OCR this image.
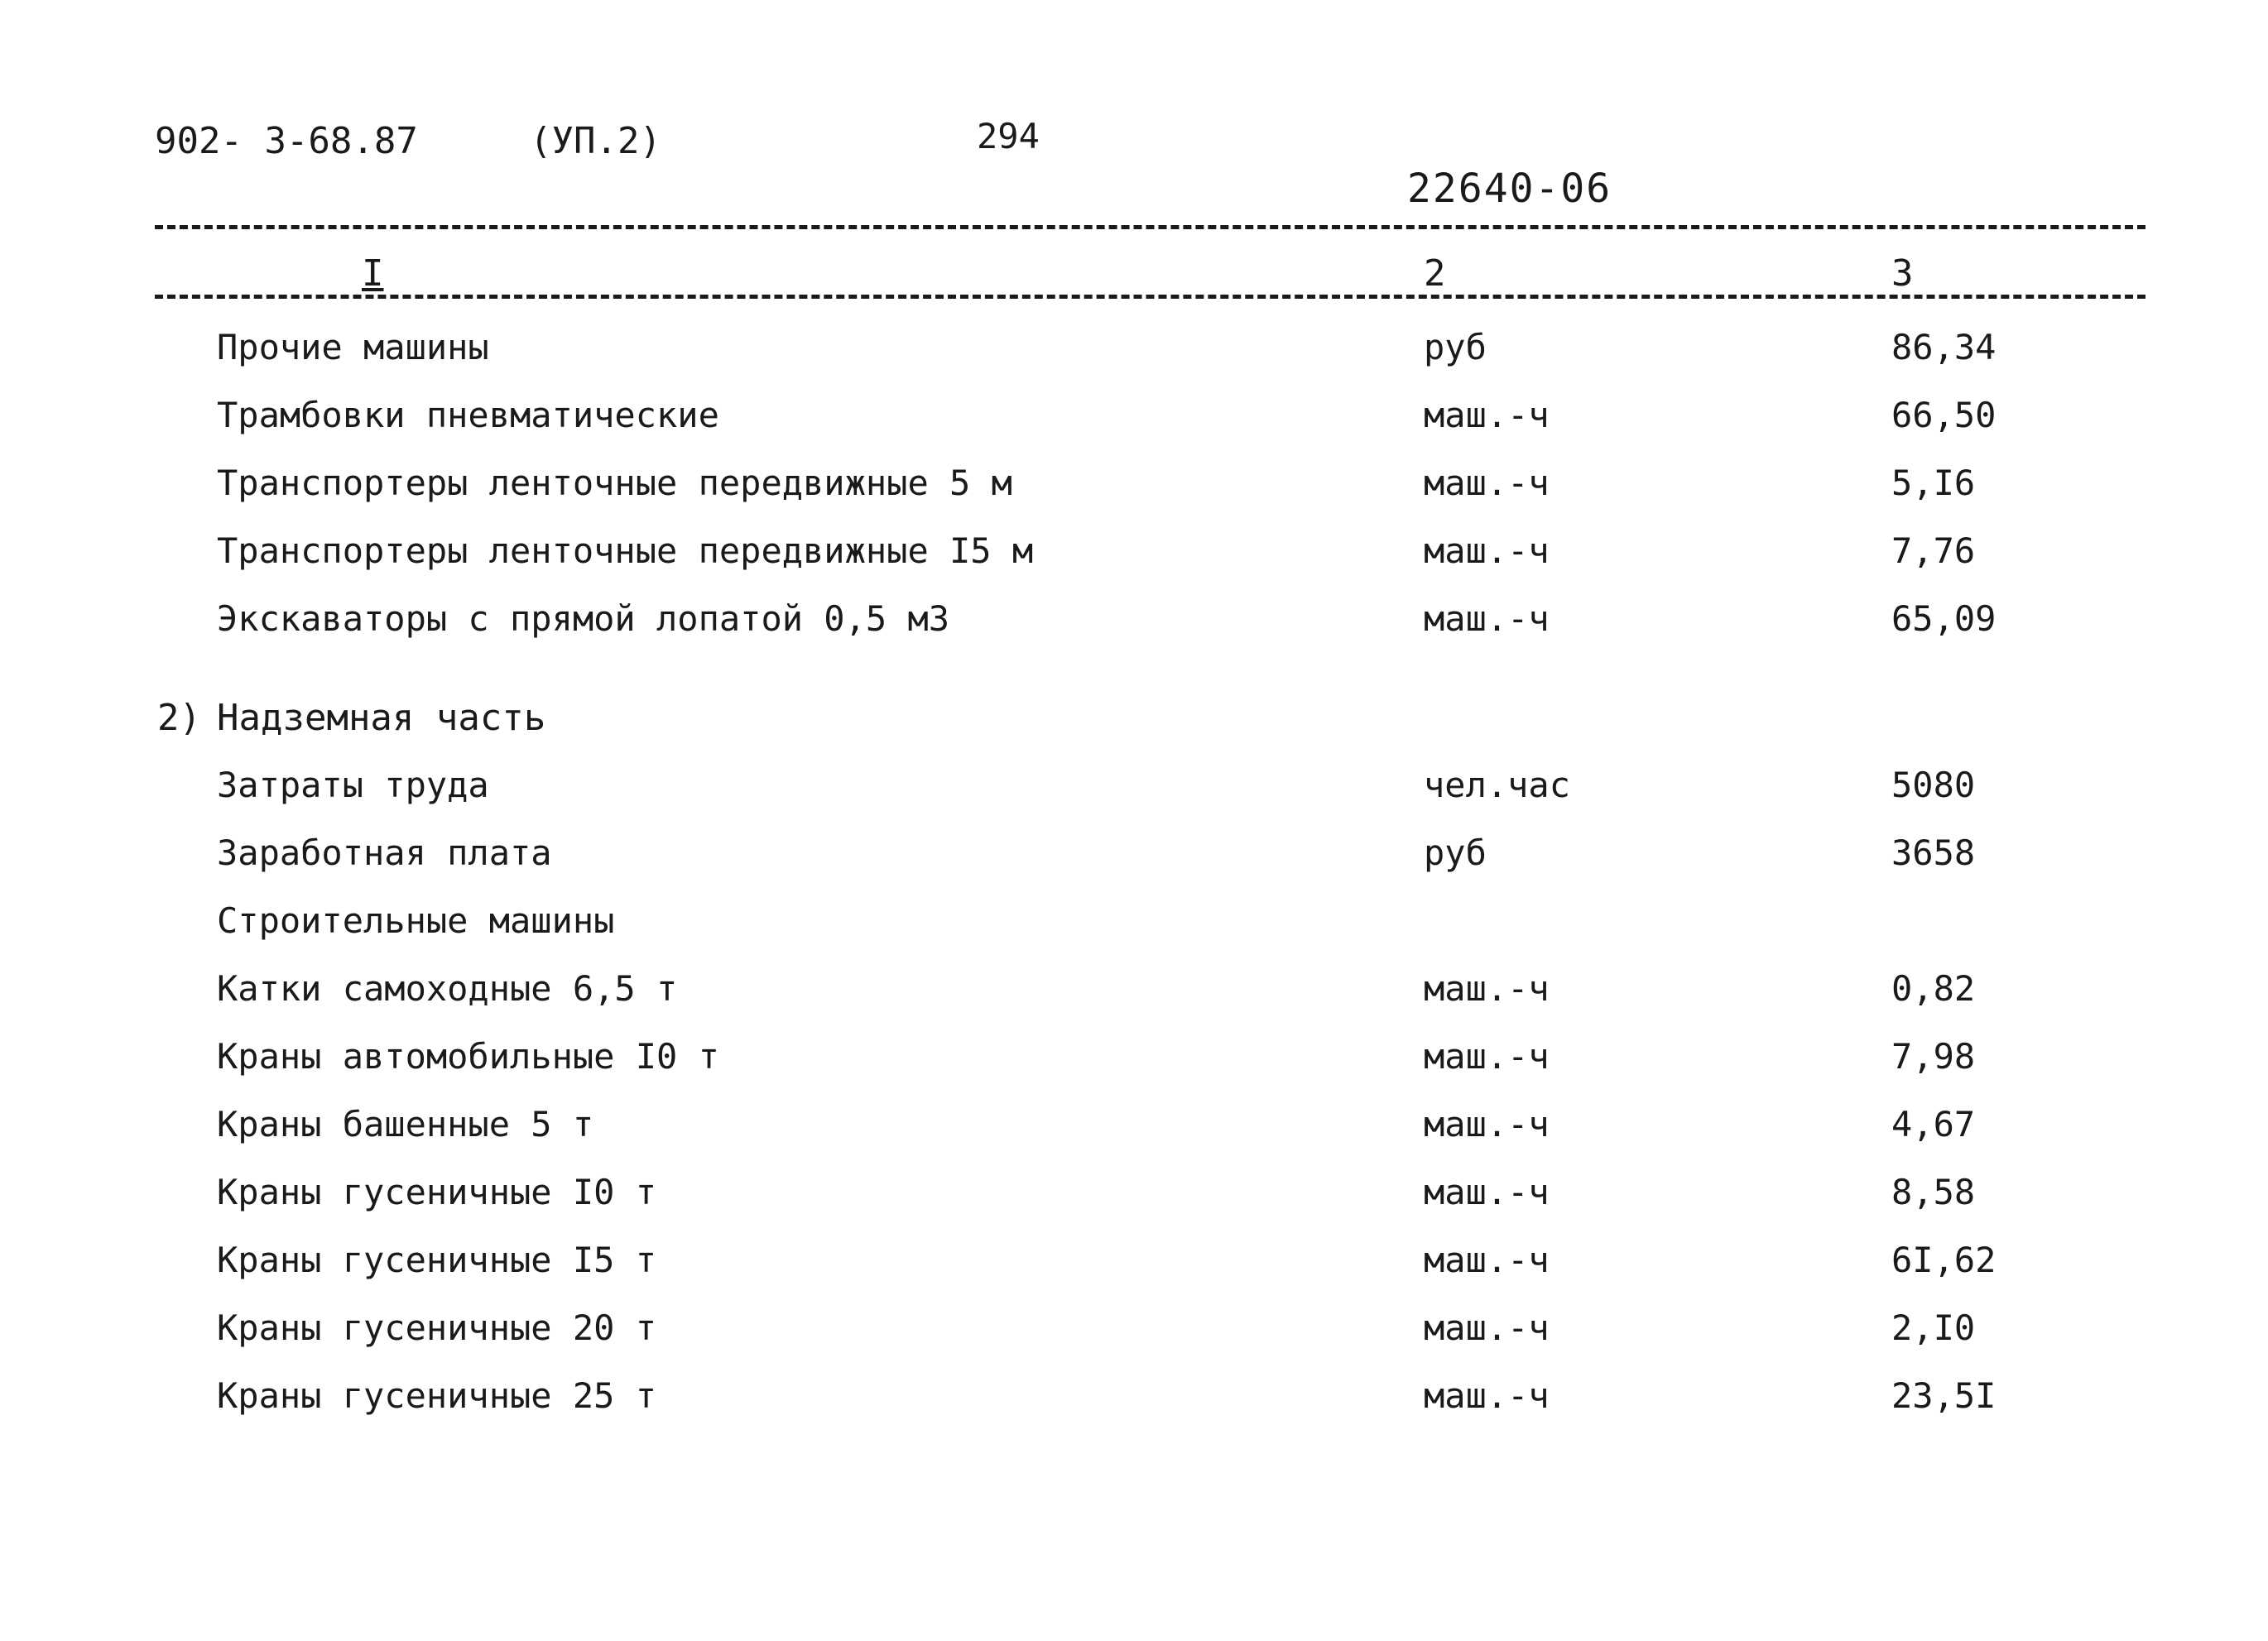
902- 3-68.87	(УП.2)	294
22640-06
I	2	3
Прочие машины	руб	86,34
Трамбовки пневматические	маш.-ч	66,50
Транспортеры ленточные передвижные 5 м	маш.-ч	5,I6
Транспортеры ленточные передвижные I5 м	маш.-ч	7,76
Экскаваторы с прямой лопатой 0,5 м3	маш.-ч	65,09
2) Надземная часть
Затраты труда	чел.час	5080
Заработная плата	руб	3658
Строительные машины
Катки самоходные 6,5 т	маш.-ч	0,82
Краны автомобильные I0 т	маш.-ч	7,98
Краны башенные 5 т	маш.-ч	4,67
Краны гусеничные I0 т	маш.-ч	8,58
Краны гусеничные I5 т	маш.-ч	6I,62
Краны гусеничные 20 т	маш.-ч	2,I0
Краны гусеничные 25 т	маш.-ч	23,5I
